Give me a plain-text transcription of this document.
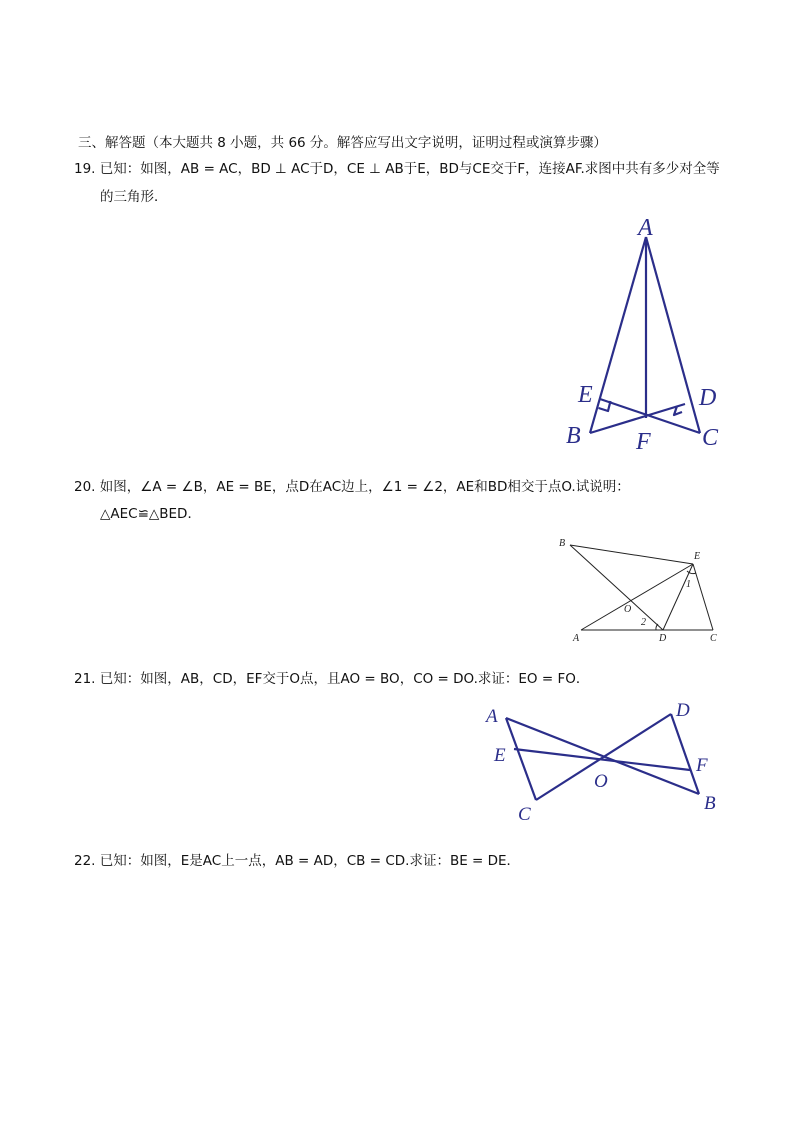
三、解答题（本大题共 8 小题，共 66 分。解答应写出文字说明，证明过程或演算步骤）
19. 已知：如图，AB = AC，BD ⊥ AC于D，CE ⊥ AB于E，BD与CE交于F，连接AF.求图中共有多少对全等
的三角形．
A
B	C
D
E
F
20. 如图，∠A = ∠B，AE = BE，点D在AC边上，∠1 = ∠2，AE和BD相交于点O.试说明：
△AEC≌△BED．
B
E
A	D	C
O
1
2
21. 已知：如图，AB，CD，EF交于O点，且AO = BO，CO = DO.求证：EO = FO．
A	D
E	F
O
C
B
22. 已知：如图，E是AC上一点，AB = AD，CB = CD.求证：BE = DE．
